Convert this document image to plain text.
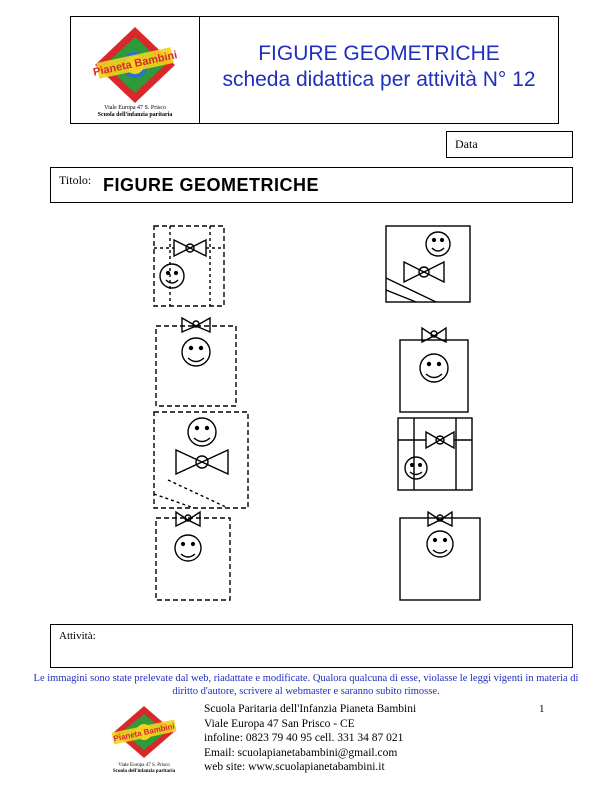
Pianeta Bambini
Viale Europa 47 S. Prisco
Scuola dell'infanzia paritaria
FIGURE GEOMETRICHE
scheda didattica per attività N° 12
Data
Titolo: FIGURE GEOMETRICHE
Attività:
Le immagini sono state prelevate dal web, riadattate e modificate. Qualora qualcuna di esse, violasse le leggi vigenti in materia di diritto d'autore, scrivere al webmaster e saranno subito rimosse.
1
Pianeta Bambini
Viale Europa 47 S. Prisco
Scuola dell'infanzia paritaria
Scuola Paritaria dell'Infanzia Pianeta Bambini
Viale Europa 47 San Prisco - CE
infoline: 0823 79 40 95 cell. 331 34 87 021
Email: scuolapianetabambini@gmail.com
web site: www.scuolapianetabambini.it
